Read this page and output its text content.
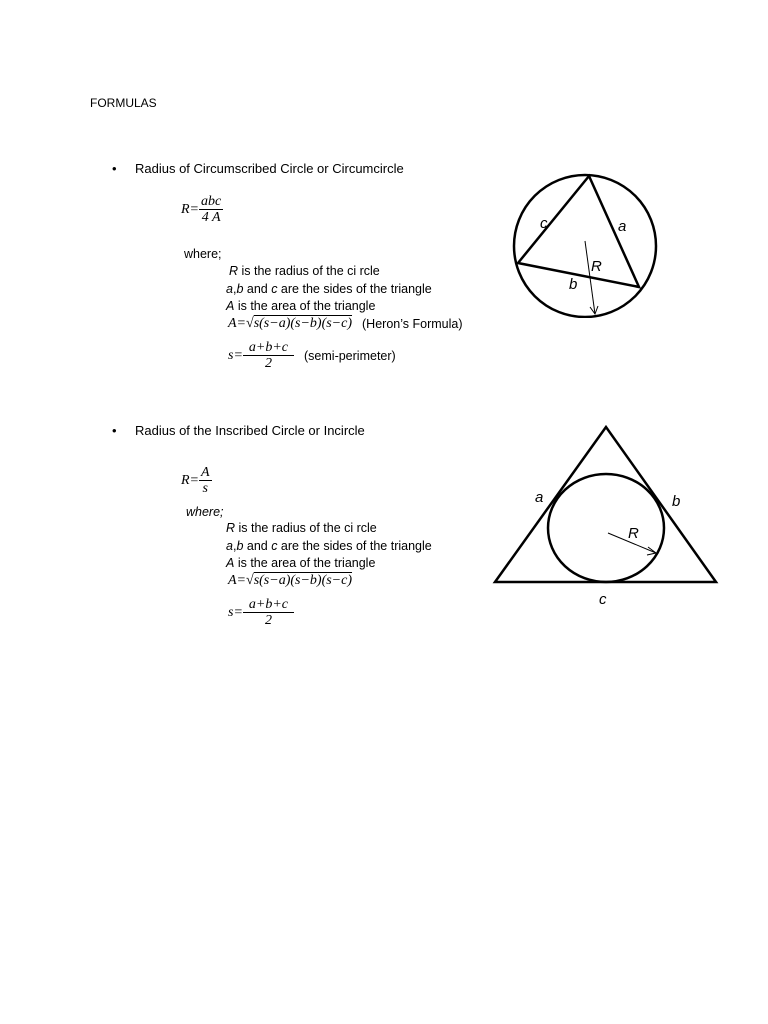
FORMULAS
• Radius of Circumscribed Circle or Circumcircle
$R= \frac{\text{abc}}{4 A}$
where;
R is the radius of the ci rcle
a,b and c are the sides of the triangle
A is the area of the triangle
A= √ s(s−a)(s−b)(s−c) (Heron’s Formula)
$s= \frac{a+b+c}{2}$ (semi-perimeter)
c	a
R
b
• Radius of the Inscribed Circle or Incircle
$R= \frac{A}{s}$
where;
R is the radius of the ci rcle
a,b and c are the sides of the triangle
A is the area of the triangle
A= √ s(s−a)(s−b)(s−c)
$s= \frac{a+b+c}{2}$
a	b
R
c
